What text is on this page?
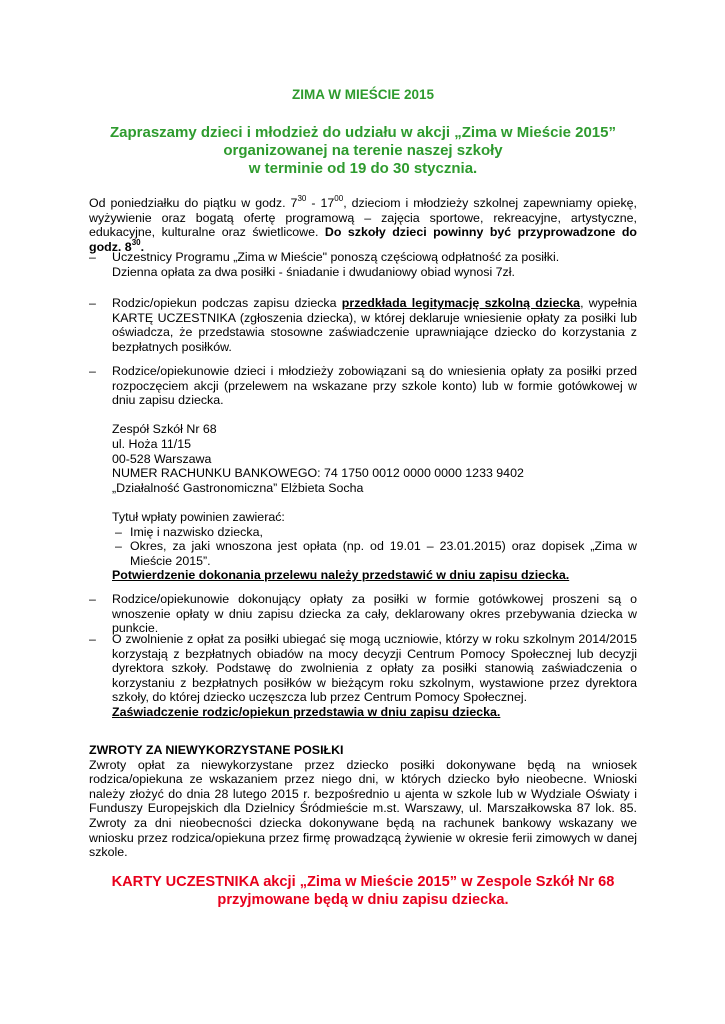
ZIMA W MIEŚCIE 2015
Zapraszamy dzieci i młodzież do udziału w akcji „Zima w Mieście 2015”
organizowanej na terenie naszej szkoły
w terminie od 19 do 30 stycznia.
Od poniedziałku do piątku w godz. $7^{30} - 17^{00}$, dzieciom i młodzieży szkolnej zapewniamy opiekę, wyżywienie oraz bogatą ofertę programową – zajęcia sportowe, rekreacyjne, artystyczne, edukacyjne, kulturalne oraz świetlicowe. Do szkoły dzieci powinny być przyprowadzone do godz. $8^{30}$.
–	Uczestnicy Programu „Zima w Mieście" ponoszą częściową odpłatność za posiłki.
Dzienna opłata za dwa posiłki - śniadanie i dwudaniowy obiad wynosi 7zł.
–	Rodzic/opiekun podczas zapisu dziecka przedkłada legitymację szkolną dziecka, wypełnia KARTĘ UCZESTNIKA (zgłoszenia dziecka), w której deklaruje wniesienie opłaty za posiłki lub oświadcza, że przedstawia stosowne zaświadczenie uprawniające dziecko do korzystania z bezpłatnych posiłków.
–	Rodzice/opiekunowie dzieci i młodzieży zobowiązani są do wniesienia opłaty za posiłki przed rozpoczęciem akcji (przelewem na wskazane przy szkole konto) lub w formie gotówkowej w dniu zapisu dziecka.
Zespół Szkół Nr 68
ul. Hoża 11/15
00-528 Warszawa
NUMER RACHUNKU BANKOWEGO: 74 1750 0012 0000 0000 1233 9402
„Działalność Gastronomiczna” Elżbieta Socha
Tytuł wpłaty powinien zawierać:
– Imię i nazwisko dziecka,
– Okres, za jaki wnoszona jest opłata (np. od 19.01 – 23.01.2015) oraz dopisek „Zima w Mieście 2015”.
Potwierdzenie dokonania przelewu należy przedstawić w dniu zapisu dziecka.
–	Rodzice/opiekunowie dokonujący opłaty za posiłki w formie gotówkowej proszeni są o wnoszenie opłaty w dniu zapisu dziecka za cały, deklarowany okres przebywania dziecka w punkcie.
–	O zwolnienie z opłat za posiłki ubiegać się mogą uczniowie, którzy w roku szkolnym 2014/2015 korzystają z bezpłatnych obiadów na mocy decyzji Centrum Pomocy Społecznej lub decyzji dyrektora szkoły. Podstawę do zwolnienia z opłaty za posiłki stanowią zaświadczenia o korzystaniu z bezpłatnych posiłków w bieżącym roku szkolnym, wystawione przez dyrektora szkoły, do której dziecko uczęszcza lub przez Centrum Pomocy Społecznej.
Zaświadczenie rodzic/opiekun przedstawia w dniu zapisu dziecka.
ZWROTY ZA NIEWYKORZYSTANE POSIŁKI
Zwroty opłat za niewykorzystane przez dziecko posiłki dokonywane będą na wniosek rodzica/opiekuna ze wskazaniem przez niego dni, w których dziecko było nieobecne. Wnioski należy złożyć do dnia 28 lutego 2015 r. bezpośrednio u ajenta w szkole lub w Wydziale Oświaty i Funduszy Europejskich dla Dzielnicy Śródmieście m.st. Warszawy, ul. Marszałkowska 87 lok. 85. Zwroty za dni nieobecności dziecka dokonywane będą na rachunek bankowy wskazany we wniosku przez rodzica/opiekuna przez firmę prowadzącą żywienie w okresie ferii zimowych w danej szkole.
KARTY UCZESTNIKA akcji „Zima w Mieście 2015” w Zespole Szkół Nr 68
przyjmowane będą w dniu zapisu dziecka.
